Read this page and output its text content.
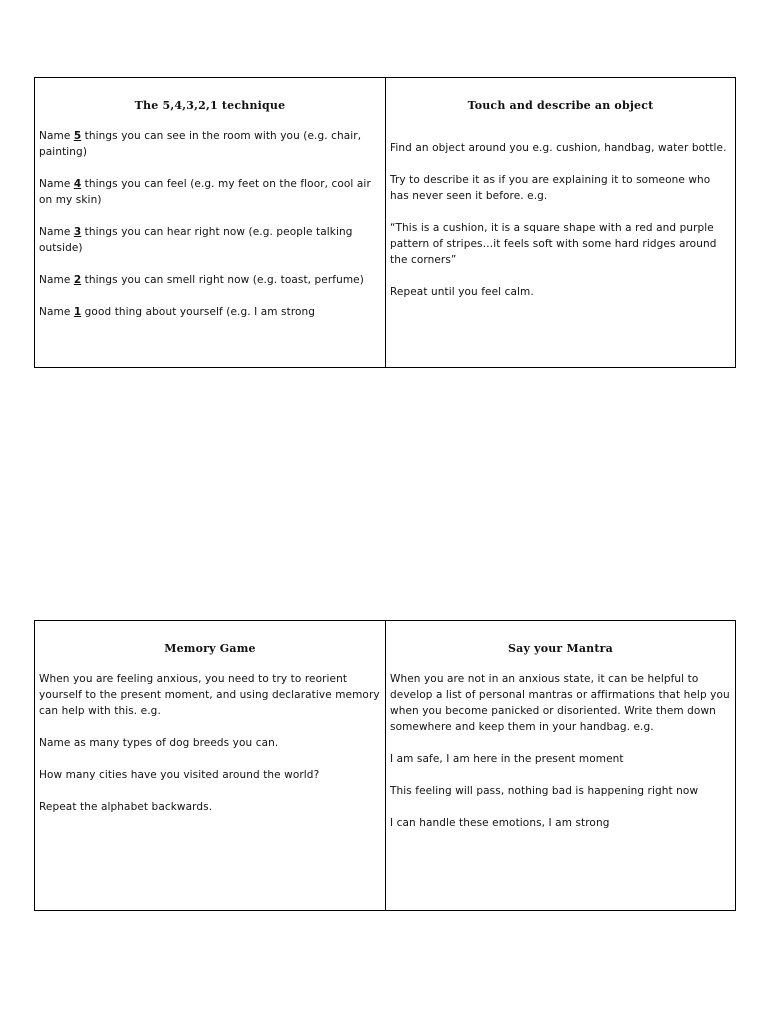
The 5,4,3,2,1 technique

Name 5 things you can see in the room with you (e.g. chair, painting)

Name 4 things you can feel (e.g. my feet on the floor, cool air on my skin)

Name 3 things you can hear right now (e.g. people talking outside)

Name 2 things you can smell right now (e.g. toast, perfume)

Name 1 good thing about yourself (e.g. I am strong

Touch and describe an object

Find an object around you e.g. cushion, handbag, water bottle.

Try to describe it as if you are explaining it to someone who has never seen it before. e.g.

“This is a cushion, it is a square shape with a red and purple pattern of stripes…it feels soft with some hard ridges around the corners”

Repeat until you feel calm.

Memory Game

When you are feeling anxious, you need to try to reorient yourself to the present moment, and using declarative memory can help with this. e.g.

Name as many types of dog breeds you can.

How many cities have you visited around the world?

Repeat the alphabet backwards.

Say your Mantra

When you are not in an anxious state, it can be helpful to develop a list of personal mantras or affirmations that help you when you become panicked or disoriented. Write them down somewhere and keep them in your handbag. e.g.

I am safe, I am here in the present moment

This feeling will pass, nothing bad is happening right now

I can handle these emotions, I am strong
